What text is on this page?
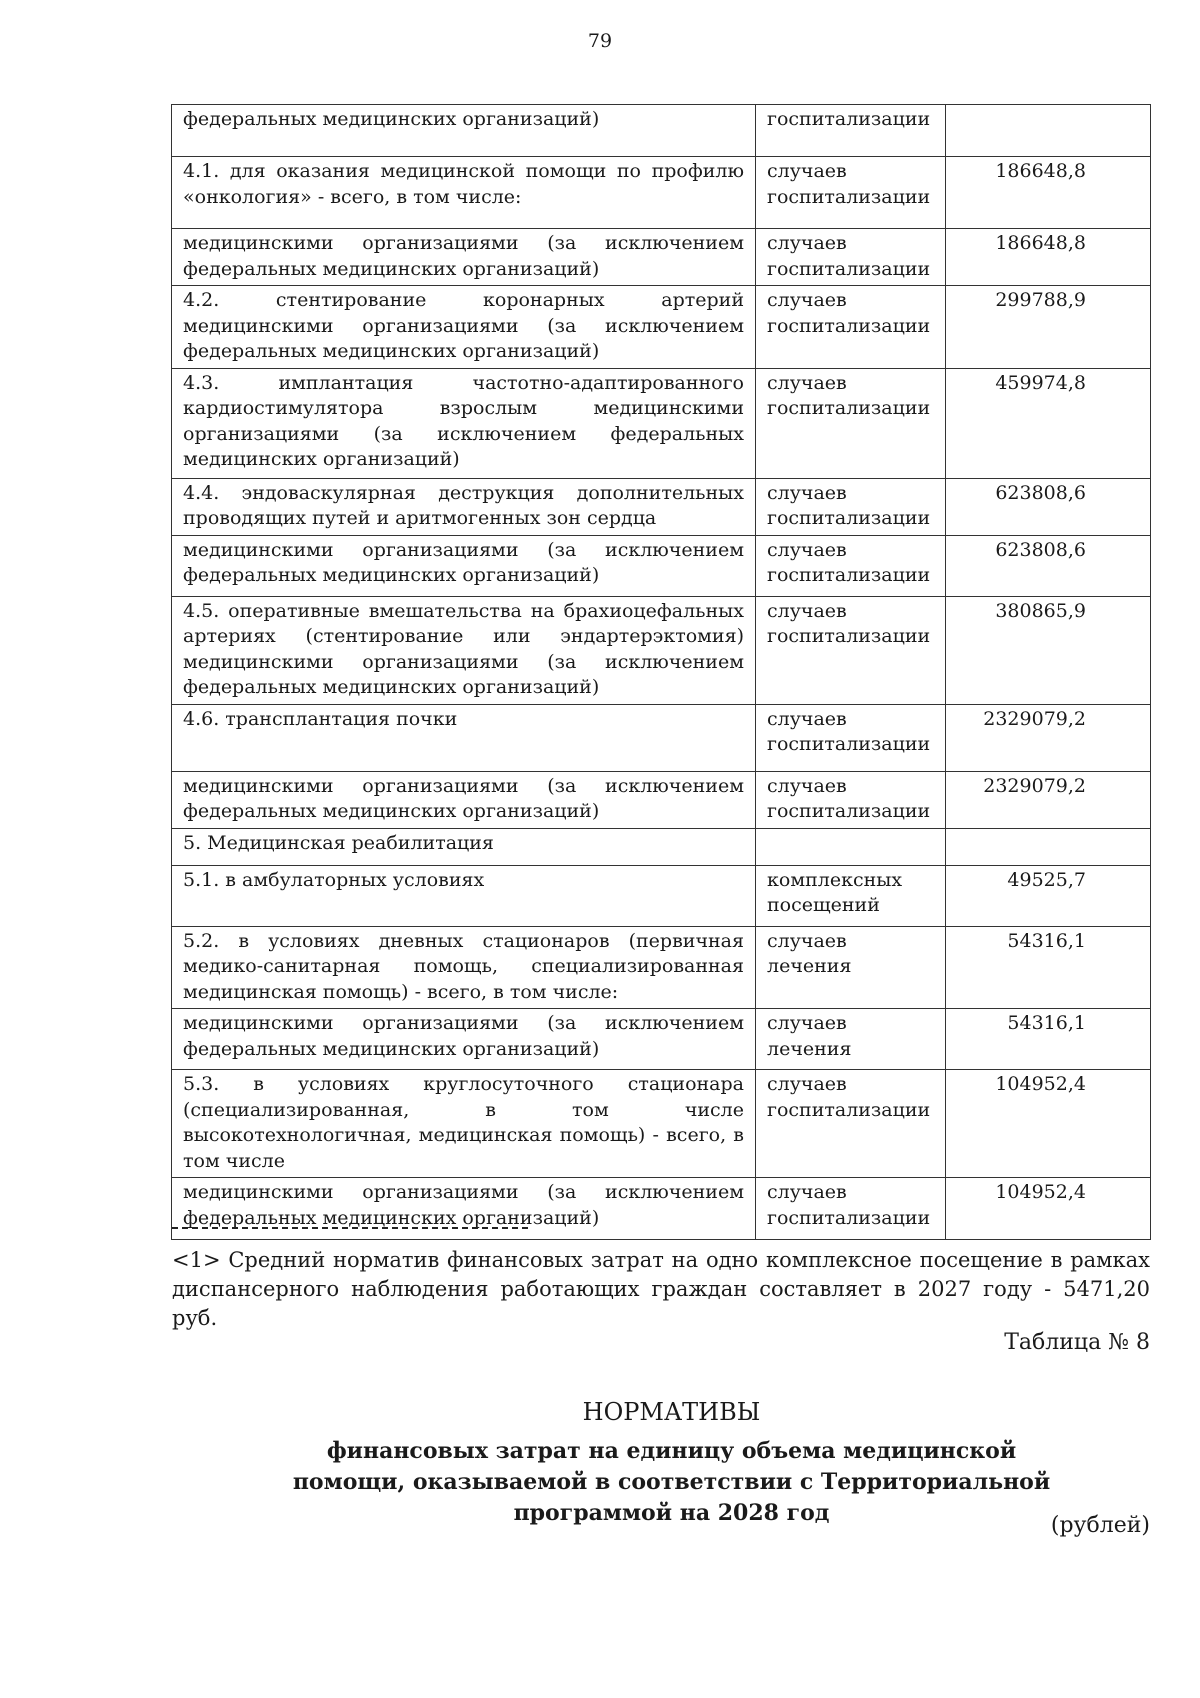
79
федеральных медицинских организаций)	госпитализации	
4.1. для оказания медицинской помощи по профилю «онкология» - всего, в том числе:	случаев госпитализации	186648,8
медицинскими организациями (за исключением федеральных медицинских организаций)	случаев госпитализации	186648,8
4.2. стентирование коронарных артерий медицинскими организациями (за исключением федеральных медицинских организаций)	случаев госпитализации	299788,9
4.3. имплантация частотно-адаптированного кардиостимулятора взрослым медицинскими организациями (за исключением федеральных медицинских организаций)	случаев госпитализации	459974,8
4.4. эндоваскулярная деструкция дополнительных проводящих путей и аритмогенных зон сердца	случаев госпитализации	623808,6
медицинскими организациями (за исключением федеральных медицинских организаций)	случаев госпитализации	623808,6
4.5. оперативные вмешательства на брахиоцефальных артериях (стентирование или эндартерэктомия) медицинскими организациями (за исключением федеральных медицинских организаций)	случаев госпитализации	380865,9
4.6. трансплантация почки	случаев госпитализации	2329079,2
медицинскими организациями (за исключением федеральных медицинских организаций)	случаев госпитализации	2329079,2
5. Медицинская реабилитация		
5.1. в амбулаторных условиях	комплексных посещений	49525,7
5.2. в условиях дневных стационаров (первичная медико-санитарная помощь, специализированная медицинская помощь) - всего, в том числе:	случаев лечения	54316,1
медицинскими организациями (за исключением федеральных медицинских организаций)	случаев лечения	54316,1
5.3. в условиях круглосуточного стационара (специализированная, в том числе высокотехнологичная, медицинская помощь) - всего, в том числе	случаев госпитализации	104952,4
медицинскими организациями (за исключением федеральных медицинских организаций)	случаев госпитализации	104952,4
<1> Средний норматив финансовых затрат на одно комплексное посещение в рамках диспансерного наблюдения работающих граждан составляет в 2027 году - 5471,20 руб.
Таблица № 8
НОРМАТИВЫ
финансовых затрат на единицу объема медицинской
помощи, оказываемой в соответствии с Территориальной
программой на 2028 год	(рублей)
